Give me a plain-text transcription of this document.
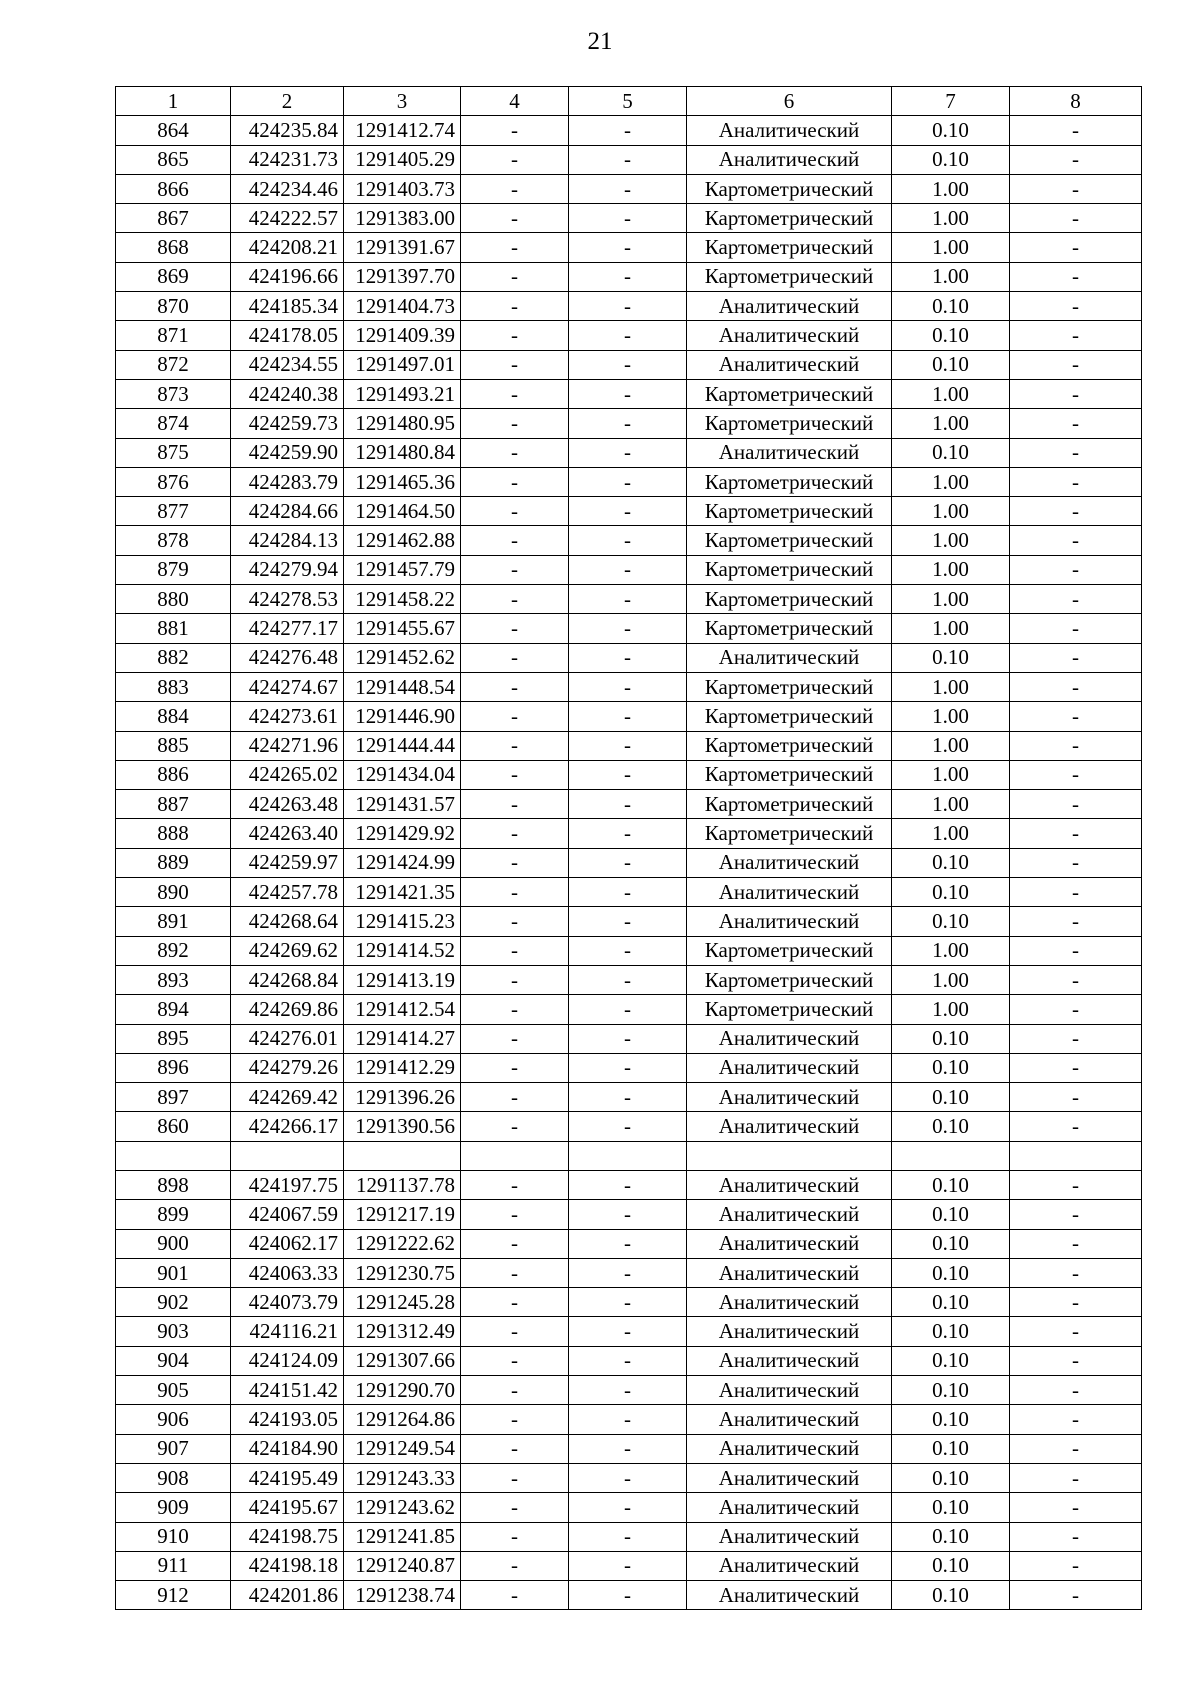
21
1	2	3	4	5	6	7	8
864	424235.84	1291412.74	-	-	Аналитический	0.10	-
865	424231.73	1291405.29	-	-	Аналитический	0.10	-
866	424234.46	1291403.73	-	-	Картометрический	1.00	-
867	424222.57	1291383.00	-	-	Картометрический	1.00	-
868	424208.21	1291391.67	-	-	Картометрический	1.00	-
869	424196.66	1291397.70	-	-	Картометрический	1.00	-
870	424185.34	1291404.73	-	-	Аналитический	0.10	-
871	424178.05	1291409.39	-	-	Аналитический	0.10	-
872	424234.55	1291497.01	-	-	Аналитический	0.10	-
873	424240.38	1291493.21	-	-	Картометрический	1.00	-
874	424259.73	1291480.95	-	-	Картометрический	1.00	-
875	424259.90	1291480.84	-	-	Аналитический	0.10	-
876	424283.79	1291465.36	-	-	Картометрический	1.00	-
877	424284.66	1291464.50	-	-	Картометрический	1.00	-
878	424284.13	1291462.88	-	-	Картометрический	1.00	-
879	424279.94	1291457.79	-	-	Картометрический	1.00	-
880	424278.53	1291458.22	-	-	Картометрический	1.00	-
881	424277.17	1291455.67	-	-	Картометрический	1.00	-
882	424276.48	1291452.62	-	-	Аналитический	0.10	-
883	424274.67	1291448.54	-	-	Картометрический	1.00	-
884	424273.61	1291446.90	-	-	Картометрический	1.00	-
885	424271.96	1291444.44	-	-	Картометрический	1.00	-
886	424265.02	1291434.04	-	-	Картометрический	1.00	-
887	424263.48	1291431.57	-	-	Картометрический	1.00	-
888	424263.40	1291429.92	-	-	Картометрический	1.00	-
889	424259.97	1291424.99	-	-	Аналитический	0.10	-
890	424257.78	1291421.35	-	-	Аналитический	0.10	-
891	424268.64	1291415.23	-	-	Аналитический	0.10	-
892	424269.62	1291414.52	-	-	Картометрический	1.00	-
893	424268.84	1291413.19	-	-	Картометрический	1.00	-
894	424269.86	1291412.54	-	-	Картометрический	1.00	-
895	424276.01	1291414.27	-	-	Аналитический	0.10	-
896	424279.26	1291412.29	-	-	Аналитический	0.10	-
897	424269.42	1291396.26	-	-	Аналитический	0.10	-
860	424266.17	1291390.56	-	-	Аналитический	0.10	-

898	424197.75	1291137.78	-	-	Аналитический	0.10	-
899	424067.59	1291217.19	-	-	Аналитический	0.10	-
900	424062.17	1291222.62	-	-	Аналитический	0.10	-
901	424063.33	1291230.75	-	-	Аналитический	0.10	-
902	424073.79	1291245.28	-	-	Аналитический	0.10	-
903	424116.21	1291312.49	-	-	Аналитический	0.10	-
904	424124.09	1291307.66	-	-	Аналитический	0.10	-
905	424151.42	1291290.70	-	-	Аналитический	0.10	-
906	424193.05	1291264.86	-	-	Аналитический	0.10	-
907	424184.90	1291249.54	-	-	Аналитический	0.10	-
908	424195.49	1291243.33	-	-	Аналитический	0.10	-
909	424195.67	1291243.62	-	-	Аналитический	0.10	-
910	424198.75	1291241.85	-	-	Аналитический	0.10	-
911	424198.18	1291240.87	-	-	Аналитический	0.10	-
912	424201.86	1291238.74	-	-	Аналитический	0.10	-
